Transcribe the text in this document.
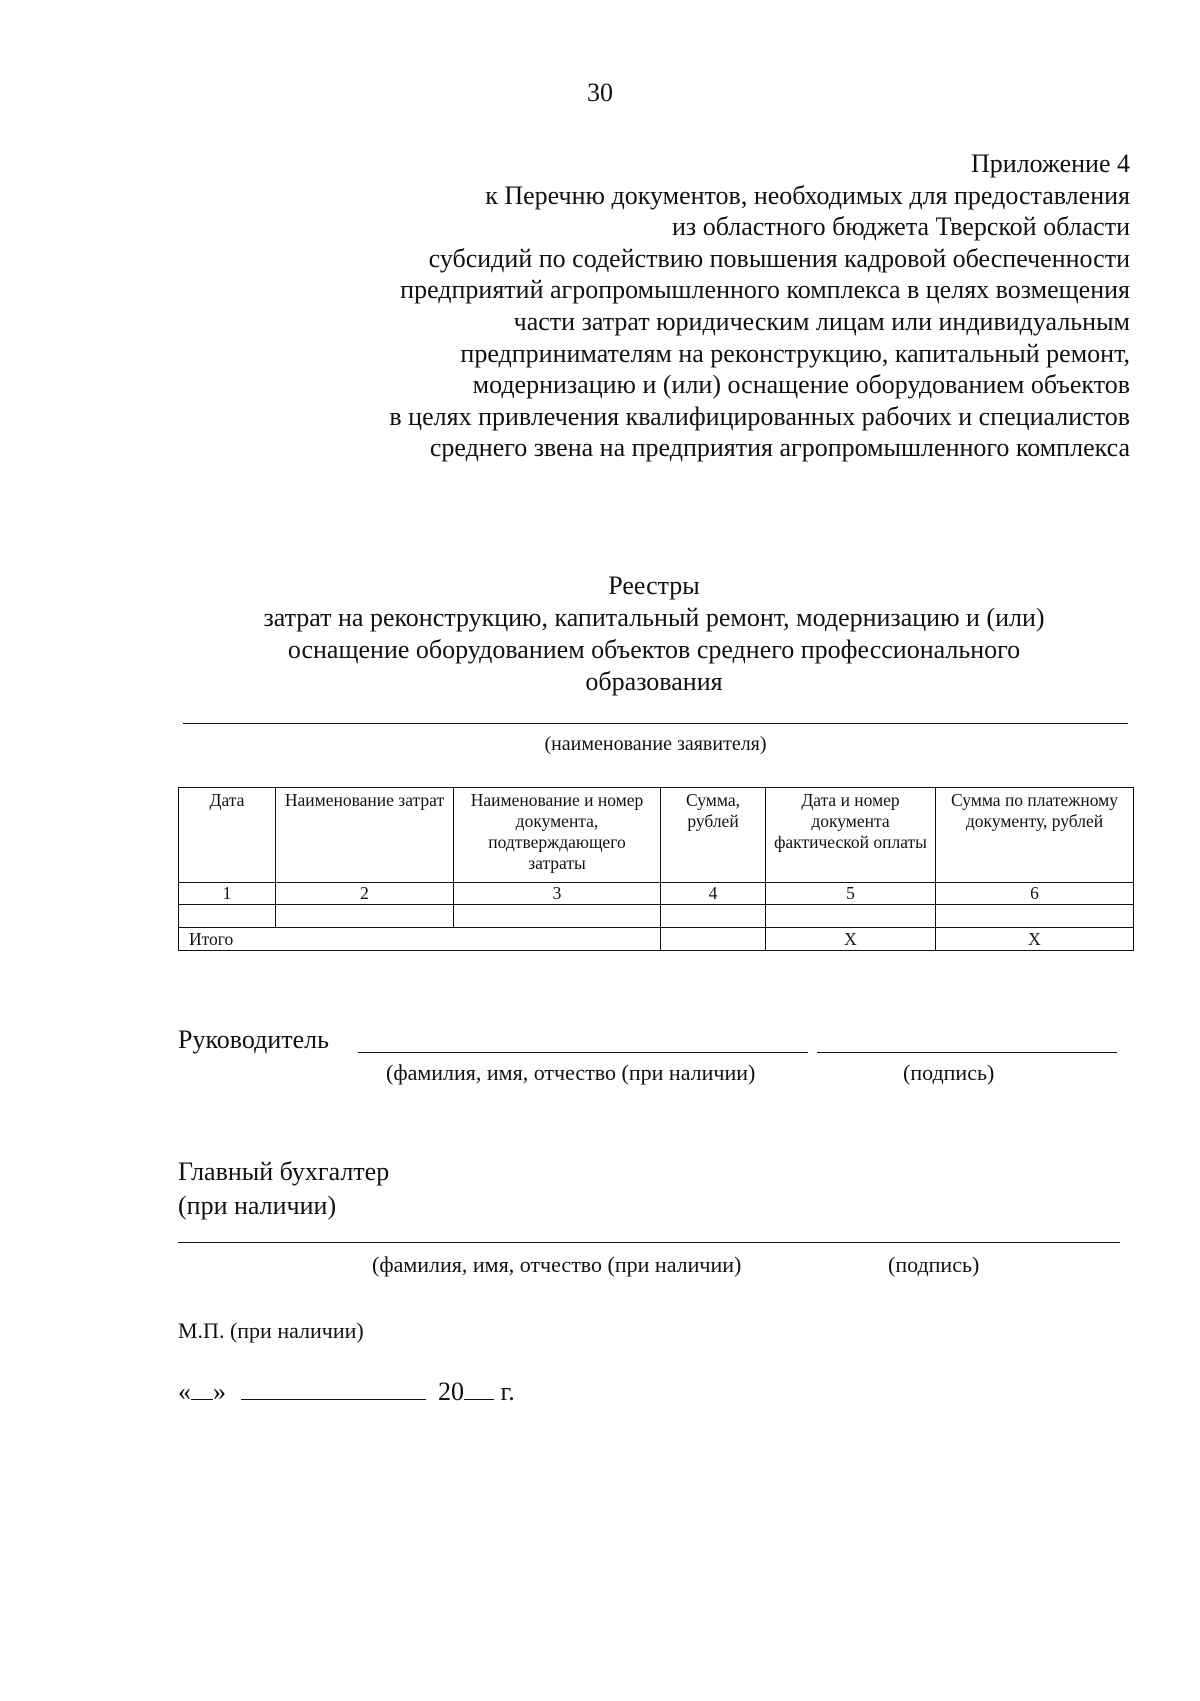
30
Приложение 4
к Перечню документов, необходимых для предоставления
из областного бюджета Тверской области
субсидий по содействию повышения кадровой обеспеченности
предприятий агропромышленного комплекса в целях возмещения
части затрат юридическим лицам или индивидуальным
предпринимателям на реконструкцию, капитальный ремонт,
модернизацию и (или) оснащение оборудованием объектов
в целях привлечения квалифицированных рабочих и специалистов
среднего звена на предприятия агропромышленного комплекса
Реестры
затрат на реконструкцию, капитальный ремонт, модернизацию и (или)
оснащение оборудованием объектов среднего профессионального
образования
(наименование заявителя)
Дата	Наименование затрат	Наименование и номер документа, подтверждающего затраты	Сумма, рублей	Дата и номер документа фактической оплаты	Сумма по платежному документу, рублей
1	2	3	4	5	6

Итого				Х	Х
Руководитель
(фамилия, имя, отчество (при наличии)	(подпись)
Главный бухгалтер
(при наличии)
(фамилия, имя, отчество (при наличии)	(подпись)
М.П. (при наличии)
« »	20 г.
